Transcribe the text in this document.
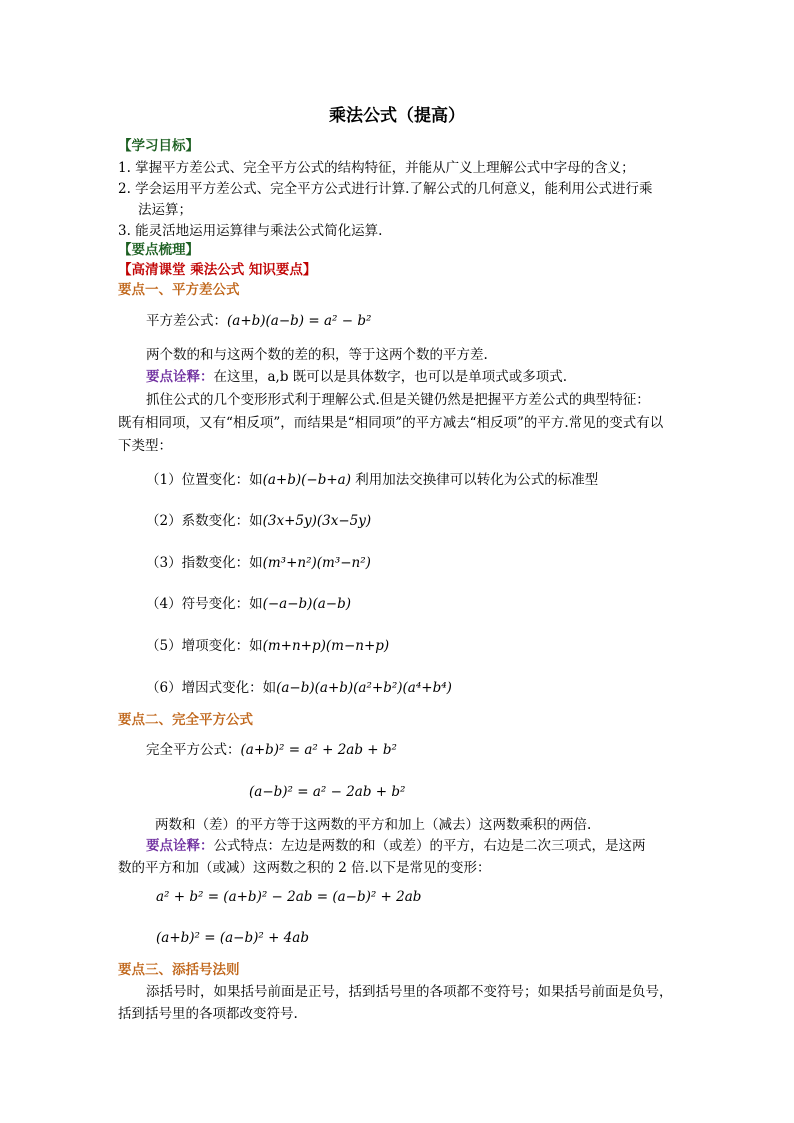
乘法公式（提高）
【学习目标】
1. 掌握平方差公式、完全平方公式的结构特征，并能从广义上理解公式中字母的含义；
2. 学会运用平方差公式、完全平方公式进行计算.了解公式的几何意义，能利用公式进行乘
法运算；
3. 能灵活地运用运算律与乘法公式简化运算.
【要点梳理】
【高清课堂 乘法公式 知识要点】
要点一、平方差公式
平方差公式：(a+b)(a−b) = a² − b²
两个数的和与这两个数的差的积，等于这两个数的平方差.
要点诠释：在这里，a,b 既可以是具体数字，也可以是单项式或多项式.
抓住公式的几个变形形式利于理解公式.但是关键仍然是把握平方差公式的典型特征：
既有相同项，又有“相反项”，而结果是“相同项”的平方减去“相反项”的平方.常见的变式有以
下类型：
（1）位置变化：如(a+b)(−b+a) 利用加法交换律可以转化为公式的标准型
（2）系数变化：如(3x+5y)(3x−5y)
（3）指数变化：如(m³+n²)(m³−n²)
（4）符号变化：如(−a−b)(a−b)
（5）增项变化：如(m+n+p)(m−n+p)
（6）增因式变化：如(a−b)(a+b)(a²+b²)(a⁴+b⁴)
要点二、完全平方公式
完全平方公式：(a+b)² = a² + 2ab + b²
(a−b)² = a² − 2ab + b²
两数和（差）的平方等于这两数的平方和加上（减去）这两数乘积的两倍.
要点诠释：公式特点：左边是两数的和（或差）的平方，右边是二次三项式，是这两
数的平方和加（或减）这两数之积的 2 倍.以下是常见的变形：
a² + b² = (a+b)² − 2ab = (a−b)² + 2ab
(a+b)² = (a−b)² + 4ab
要点三、添括号法则
添括号时，如果括号前面是正号，括到括号里的各项都不变符号；如果括号前面是负号，
括到括号里的各项都改变符号.
